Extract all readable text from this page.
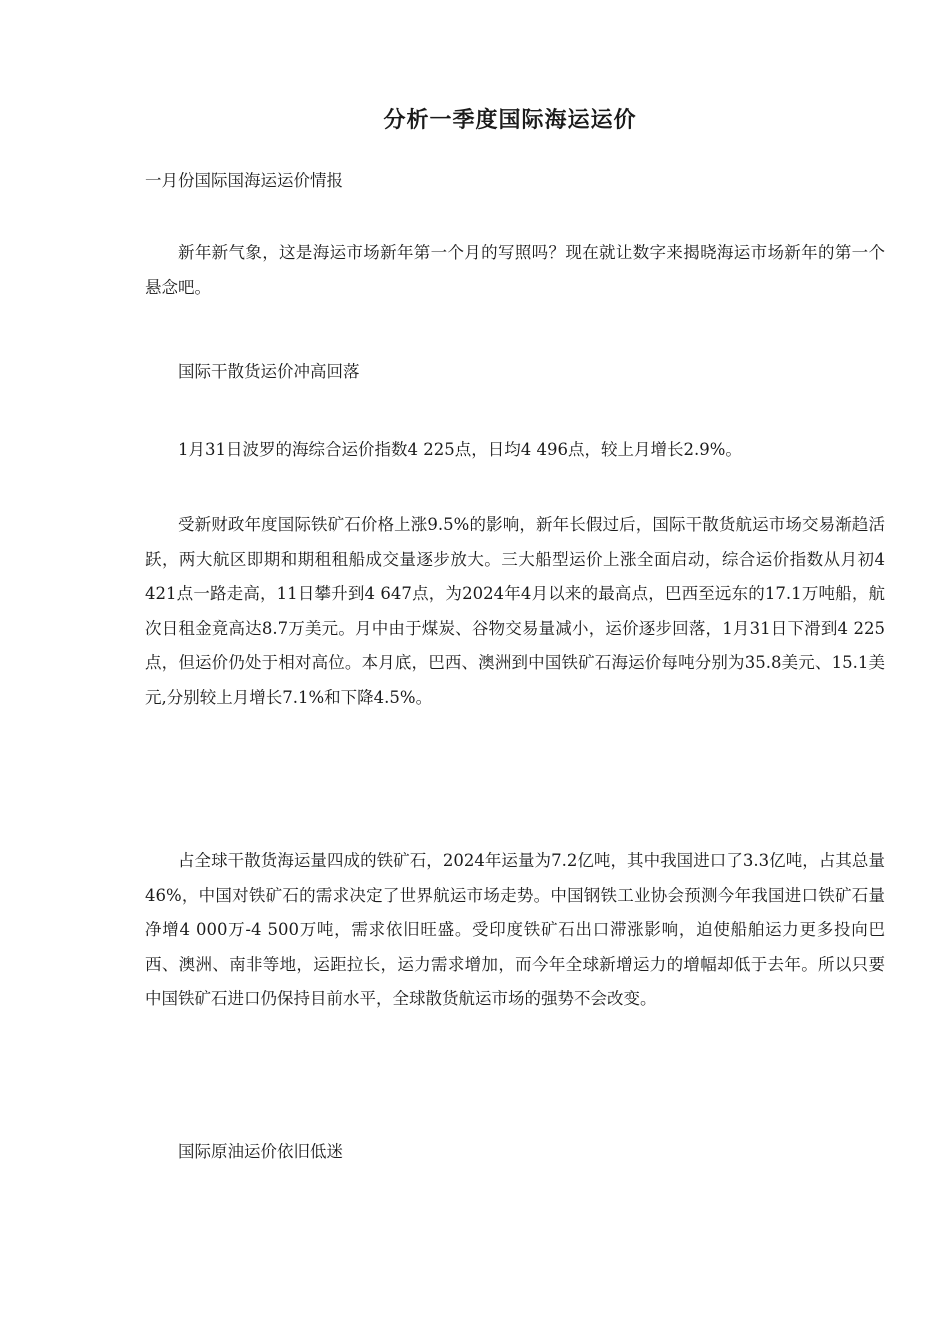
分析一季度国际海运运价

一月份国际国海运运价情报

新年新气象，这是海运市场新年第一个月的写照吗？现在就让数字来揭晓海运市场新年的第一个悬念吧。

国际干散货运价冲高回落

1月31日波罗的海综合运价指数4 225点，日均4 496点，较上月增长2.9%。

受新财政年度国际铁矿石价格上涨9.5%的影响，新年长假过后，国际干散货航运市场交易渐趋活跃，两大航区即期和期租租船成交量逐步放大。三大船型运价上涨全面启动，综合运价指数从月初4 421点一路走高，11日攀升到4 647点，为2024年4月以来的最高点，巴西至远东的17.1万吨船，航次日租金竟高达8.7万美元。月中由于煤炭、谷物交易量减小，运价逐步回落，1月31日下滑到4 225点，但运价仍处于相对高位。本月底，巴西、澳洲到中国铁矿石海运价每吨分别为35.8美元、15.1美元,分别较上月增长7.1%和下降4.5%。

占全球干散货海运量四成的铁矿石，2024年运量为7.2亿吨，其中我国进口了3.3亿吨，占其总量46%，中国对铁矿石的需求决定了世界航运市场走势。中国钢铁工业协会预测今年我国进口铁矿石量净增4 000万-4 500万吨，需求依旧旺盛。受印度铁矿石出口滞涨影响，迫使船舶运力更多投向巴西、澳洲、南非等地，运距拉长，运力需求增加，而今年全球新增运力的增幅却低于去年。所以只要中国铁矿石进口仍保持目前水平，全球散货航运市场的强势不会改变。

国际原油运价依旧低迷
